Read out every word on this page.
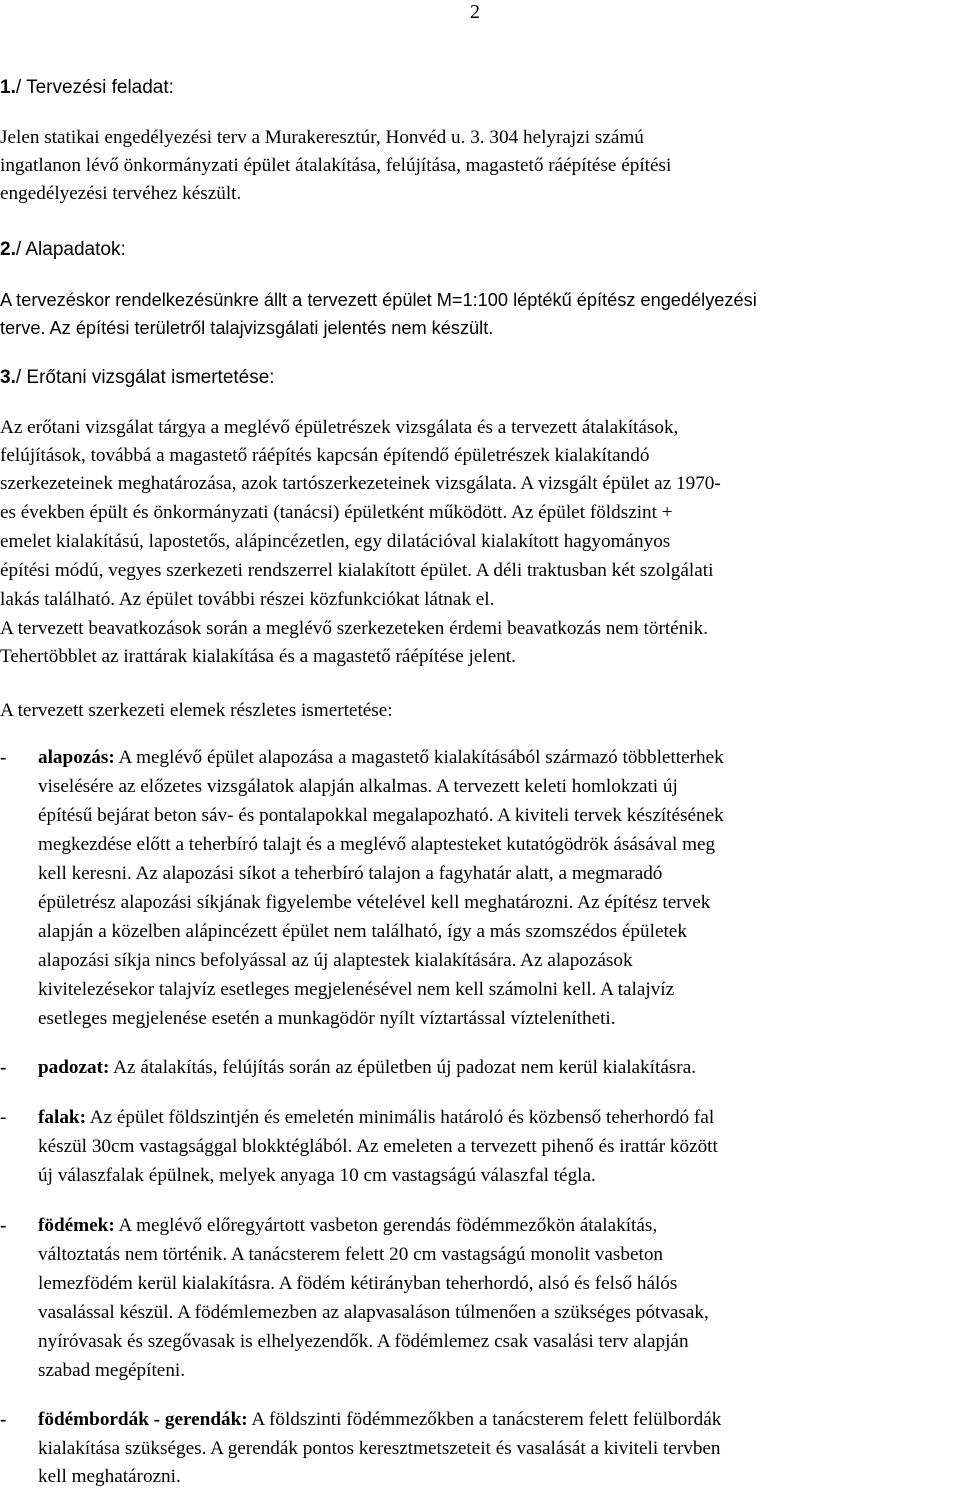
2
1./ Tervezési feladat:
Jelen statikai engedélyezési terv a Murakeresztúr, Honvéd u. 3. 304 helyrajzi számú
ingatlanon lévő önkormányzati épület átalakítása, felújítása, magastető ráépítése építési
engedélyezési tervéhez készült.
2./ Alapadatok:
A tervezéskor rendelkezésünkre állt a tervezett épület M=1:100 léptékű építész engedélyezési
terve. Az építési területről talajvizsgálati jelentés nem készült.
3./ Erőtani vizsgálat ismertetése:
Az erőtani vizsgálat tárgya a meglévő épületrészek vizsgálata és a tervezett átalakítások,
felújítások, továbbá a magastető ráépítés kapcsán építendő épületrészek kialakítandó
szerkezeteinek meghatározása, azok tartószerkezeteinek vizsgálata. A vizsgált épület az 1970-
es években épült és önkormányzati (tanácsi) épületként működött. Az épület földszint +
emelet kialakítású, lapostetős, alápincézetlen, egy dilatációval kialakított hagyományos
építési módú, vegyes szerkezeti rendszerrel kialakított épület. A déli traktusban két szolgálati
lakás található. Az épület további részei közfunkciókat látnak el.
A tervezett beavatkozások során a meglévő szerkezeteken érdemi beavatkozás nem történik.
Tehertöbblet az irattárak kialakítása és a magastető ráépítése jelent.
A tervezett szerkezeti elemek részletes ismertetése:
- alapozás: A meglévő épület alapozása a magastető kialakításából származó többletterhek
viselésére az előzetes vizsgálatok alapján alkalmas. A tervezett keleti homlokzati új
építésű bejárat beton sáv- és pontalapokkal megalapozható. A kiviteli tervek készítésének
megkezdése előtt a teherbíró talajt és a meglévő alaptesteket kutatógödrök ásásával meg
kell keresni. Az alapozási síkot a teherbíró talajon a fagyhatár alatt, a megmaradó
épületrész alapozási síkjának figyelembe vételével kell meghatározni. Az építész tervek
alapján a közelben alápincézett épület nem található, így a más szomszédos épületek
alapozási síkja nincs befolyással az új alaptestek kialakítására. Az alapozások
kivitelezésekor talajvíz esetleges megjelenésével nem kell számolni kell. A talajvíz
esetleges megjelenése esetén a munkagödör nyílt víztartással víztelenítheti.
- padozat: Az átalakítás, felújítás során az épületben új padozat nem kerül kialakításra.
- falak: Az épület földszintjén és emeletén minimális határoló és közbenső teherhordó fal
készül 30cm vastagsággal blokktéglából. Az emeleten a tervezett pihenő és irattár között
új válaszfalak épülnek, melyek anyaga 10 cm vastagságú válaszfal tégla.
- födémek: A meglévő előregyártott vasbeton gerendás födémmezőkön átalakítás,
változtatás nem történik. A tanácsterem felett 20 cm vastagságú monolit vasbeton
lemezfödém kerül kialakításra. A födém kétirányban teherhordó, alsó és felső hálós
vasalással készül. A födémlemezben az alapvasaláson túlmenően a szükséges pótvasak,
nyíróvasak és szegővasak is elhelyezendők. A födémlemez csak vasalási terv alapján
szabad megépíteni.
- födémbordák - gerendák: A földszinti födémmezőkben a tanácsterem felett felülbordák
kialakítása szükséges. A gerendák pontos keresztmetszeteit és vasalását a kiviteli tervben
kell meghatározni.
